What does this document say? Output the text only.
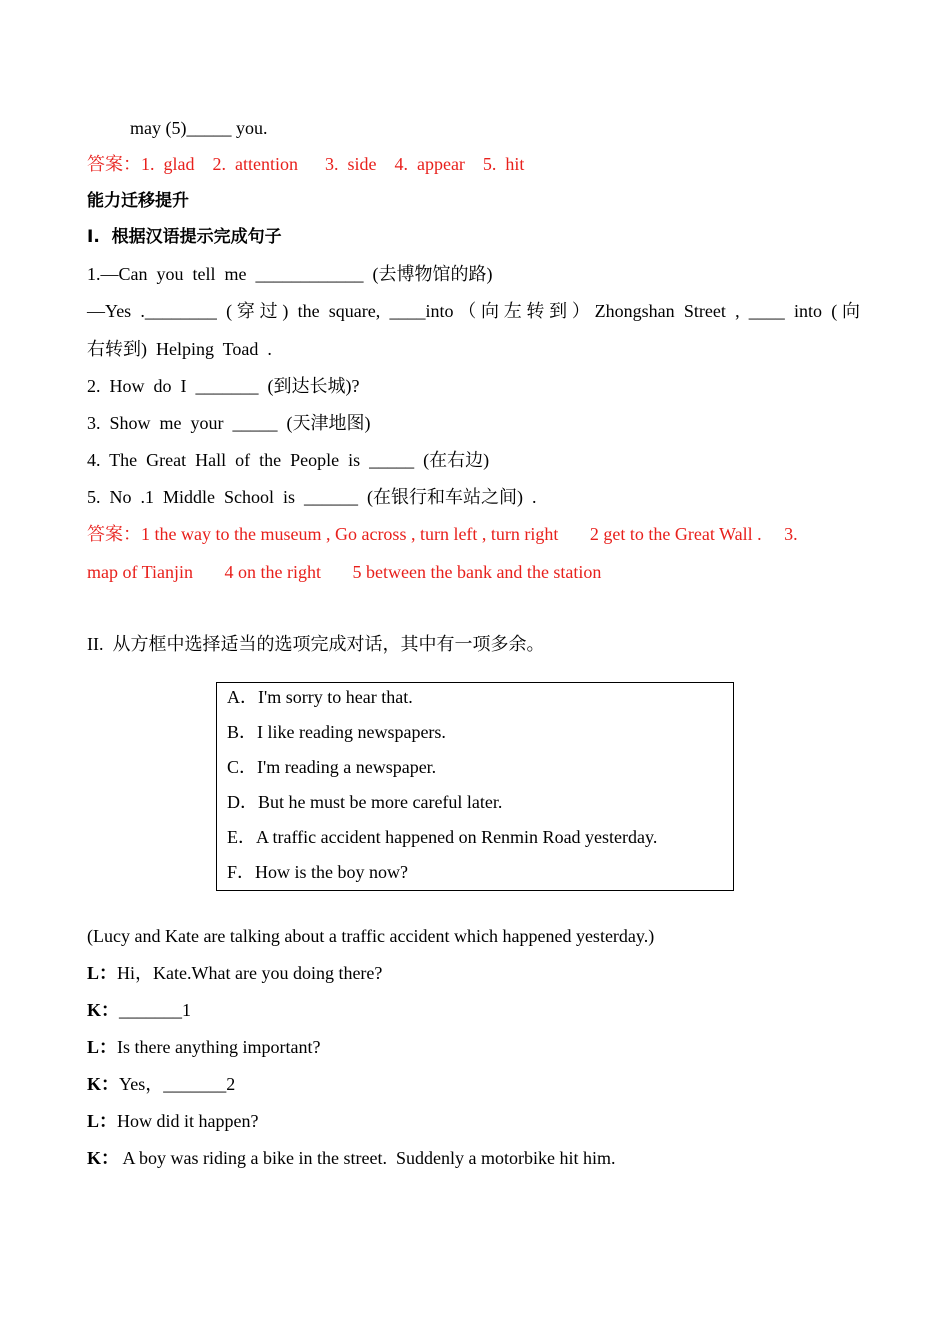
may (5)_____ you.
答案：1.  glad    2.  attention      3.  side    4.  appear    5.  hit
能力迁移提升
I.  根据汉语提示完成句子
1.—Can  you  tell  me  ____________  (去博物馆的路)
—Yes .________ (穿过) the square, ____into（向左转到）Zhongshan Street , ____ into (向
右转到)  Helping  Toad  .
2.  How  do  I  _______  (到达长城)?
3.  Show  me  your  _____  (天津地图)
4.  The  Great  Hall  of  the  People  is  _____  (在右边)
5.  No  .1  Middle  School  is  ______  (在银行和车站之间)  .
答案：1 the way to the museum , Go across , turn left , turn right       2 get to the Great Wall .     3.
map of Tianjin       4 on the right       5 between the bank and the station
II.  从方框中选择适当的选项完成对话，其中有一项多余。
A．I'm sorry to hear that.
B．I like reading newspapers.
C．I'm reading a newspaper.
D．But he must be more careful later.
E．A traffic accident happened on Renmin Road yesterday.
F．How is the boy now?
(Lucy and Kate are talking about a traffic accident which happened yesterday.)
L：Hi，Kate.What are you doing there?
K：_______1
L：Is there anything important?
K：Yes，_______2
L：How did it happen?
K： A boy was riding a bike in the street.  Suddenly a motorbike hit him.
